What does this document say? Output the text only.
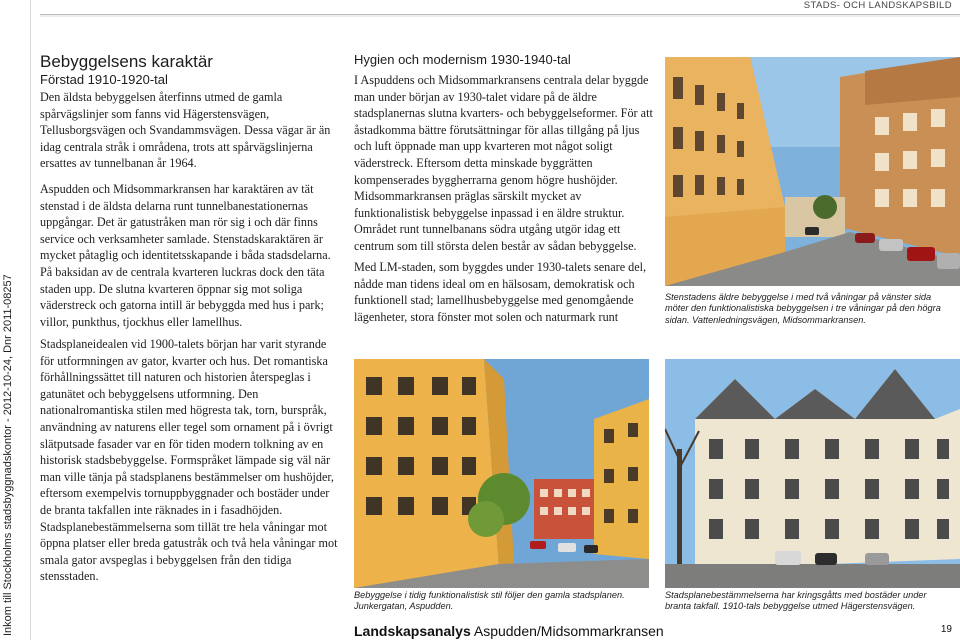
STADS- OCH LANDSKAPSBILD
Inkom till Stockholms stadsbyggnadskontor - 2012-10-24, Dnr 2011-08257
Bebyggelsens karaktär
Förstad 1910-1920-tal
Den äldsta bebyggelsen återfinns utmed de gamla spårvägslinjer som fanns vid Hägerstensvägen, Tellusborgsvägen och Svandammsvägen. Dessa vägar är än idag centrala stråk i områdena, trots att spårvägslinjerna ersattes av tunnelbanan år 1964.
Aspudden och Midsommarkransen har karaktären av tät stenstad i de äldsta delarna runt tunnelbanestationernas uppgångar. Det är gatustråken man rör sig i och där finns service och verksamheter samlade. Stenstadskaraktären är mycket påtaglig och identitetsskapande i båda stadsdelarna. På baksidan av de centrala kvarteren luckras dock den täta staden upp. De slutna kvarteren öppnar sig mot soliga väderstreck och gatorna intill är bebyggda med hus i park; villor, punkthus, tjockhus eller lamellhus.
Stadsplaneidealen vid 1900-talets början har varit styrande för utformningen av gator, kvarter och hus. Det romantiska förhållningssättet till naturen och historien återspeglas i gatunätet och bebyggelsens utformning. Den nationalromantiska stilen med högresta tak, torn, burspråk, användning av naturens eller tegel som ornament på i övrigt slätputsade fasader var en för tiden modern tolkning av en historisk stadsbebyggelse. Formspråket lämpade sig väl när man ville tänja på stadsplanens bestämmelser om hushöjder, eftersom exempelvis tornuppbyggnader och bostäder under de branta takfallen inte räknades in i fasadhöjden. Stadsplanebestämmelserna som tillät tre hela våningar mot öppna platser eller breda gatustråk och två hela våningar mot smala gator avspeglas i bebyggelsen från den tidiga stensstaden.
Hygien och modernism 1930-1940-tal
I Aspuddens och Midsommarkransens centrala delar byggde man under början av 1930-talet vidare på de äldre stadsplanernas slutna kvarters- och bebyggelseformer. För att åstadkomma bättre förutsättningar för allas tillgång på ljus och luft öppnade man upp kvarteren mot något soligt väderstreck. Eftersom detta minskade byggrätten kompenserades byggherrarna genom högre hushöjder. Midsommarkransen präglas särskilt mycket av funktionalistisk bebyggelse inpassad i en äldre struktur. Området runt tunnelbanans södra utgång utgör idag ett centrum som till största delen består av sådan bebyggelse.
Med LM-staden, som byggdes under 1930-talets senare del, nådde man tidens ideal om en hälsosam, demokratisk och funktionell stad; lamellhusbebyggelse med genomgående lägenheter, stora fönster mot solen och naturmark runt
Stenstadens äldre bebyggelse i med två våningar på vänster sida möter den funktionalistiska bebyggelsen i tre våningar på den högra sidan. Vattenledningsvägen, Midsommarkransen.
Bebyggelse i tidig funktionalistisk stil följer den gamla stadsplanen. Junkergatan, Aspudden.
Stadsplanebestämmelserna har kringsgåtts med bostäder under branta takfall. 1910-tals bebyggelse utmed Hägerstensvägen.
Landskapsanalys Aspudden/Midsommarkransen	19
